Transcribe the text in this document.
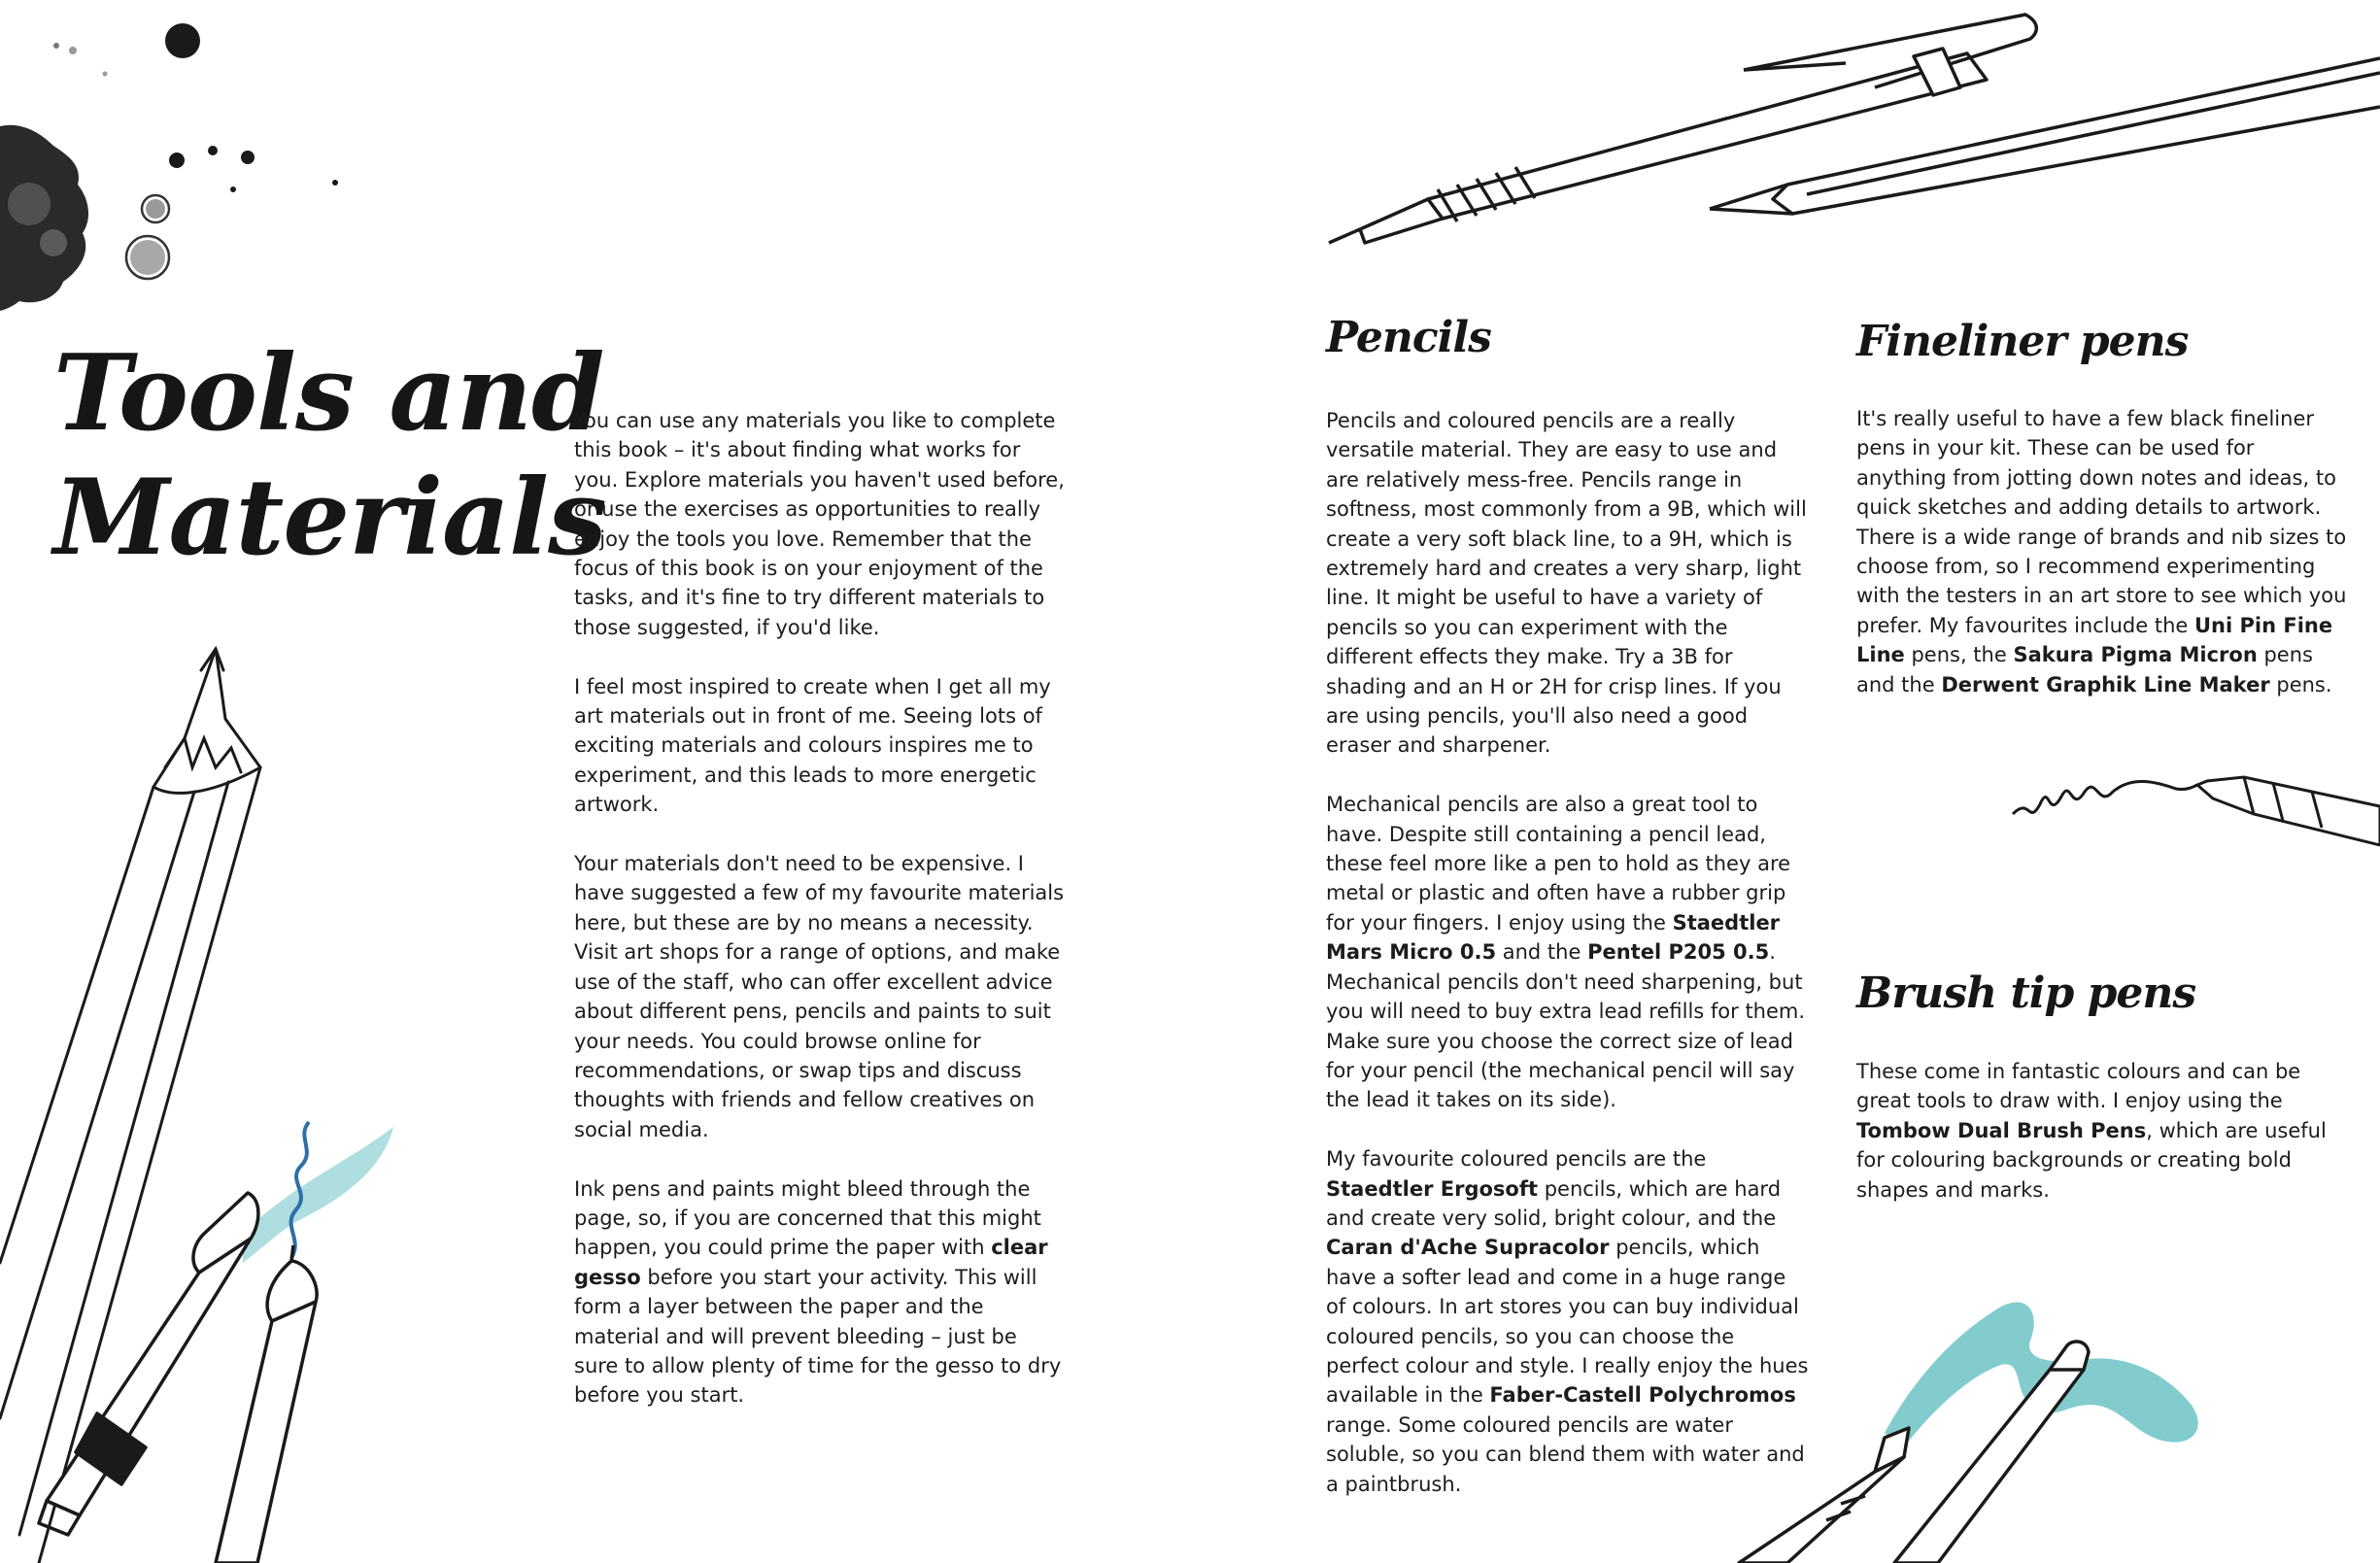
Tools and
Materials

You can use any materials you like to complete this book – it's about finding what works for you. Explore materials you haven't used before, or use the exercises as opportunities to really enjoy the tools you love. Remember that the focus of this book is on your enjoyment of the tasks, and it's fine to try different materials to those suggested, if you'd like.

I feel most inspired to create when I get all my art materials out in front of me. Seeing lots of exciting materials and colours inspires me to experiment, and this leads to more energetic artwork.

Your materials don't need to be expensive. I have suggested a few of my favourite materials here, but these are by no means a necessity. Visit art shops for a range of options, and make use of the staff, who can offer excellent advice about different pens, pencils and paints to suit your needs. You could browse online for recommendations, or swap tips and discuss thoughts with friends and fellow creatives on social media.

Ink pens and paints might bleed through the page, so, if you are concerned that this might happen, you could prime the paper with clear gesso before you start your activity. This will form a layer between the paper and the material and will prevent bleeding – just be sure to allow plenty of time for the gesso to dry before you start.

Pencils

Pencils and coloured pencils are a really versatile material. They are easy to use and are relatively mess-free. Pencils range in softness, most commonly from a 9B, which will create a very soft black line, to a 9H, which is extremely hard and creates a very sharp, light line. It might be useful to have a variety of pencils so you can experiment with the different effects they make. Try a 3B for shading and an H or 2H for crisp lines. If you are using pencils, you'll also need a good eraser and sharpener.

Mechanical pencils are also a great tool to have. Despite still containing a pencil lead, these feel more like a pen to hold as they are metal or plastic and often have a rubber grip for your fingers. I enjoy using the Staedtler Mars Micro 0.5 and the Pentel P205 0.5. Mechanical pencils don't need sharpening, but you will need to buy extra lead refills for them. Make sure you choose the correct size of lead for your pencil (the mechanical pencil will say the lead it takes on its side).

My favourite coloured pencils are the Staedtler Ergosoft pencils, which are hard and create very solid, bright colour, and the Caran d'Ache Supracolor pencils, which have a softer lead and come in a huge range of colours. In art stores you can buy individual coloured pencils, so you can choose the perfect colour and style. I really enjoy the hues available in the Faber-Castell Polychromos range. Some coloured pencils are water soluble, so you can blend them with water and a paintbrush.

Fineliner pens

It's really useful to have a few black fineliner pens in your kit. These can be used for anything from jotting down notes and ideas, to quick sketches and adding details to artwork. There is a wide range of brands and nib sizes to choose from, so I recommend experimenting with the testers in an art store to see which you prefer. My favourites include the Uni Pin Fine Line pens, the Sakura Pigma Micron pens and the Derwent Graphik Line Maker pens.

Brush tip pens

These come in fantastic colours and can be great tools to draw with. I enjoy using the Tombow Dual Brush Pens, which are useful for colouring backgrounds or creating bold shapes and marks.
